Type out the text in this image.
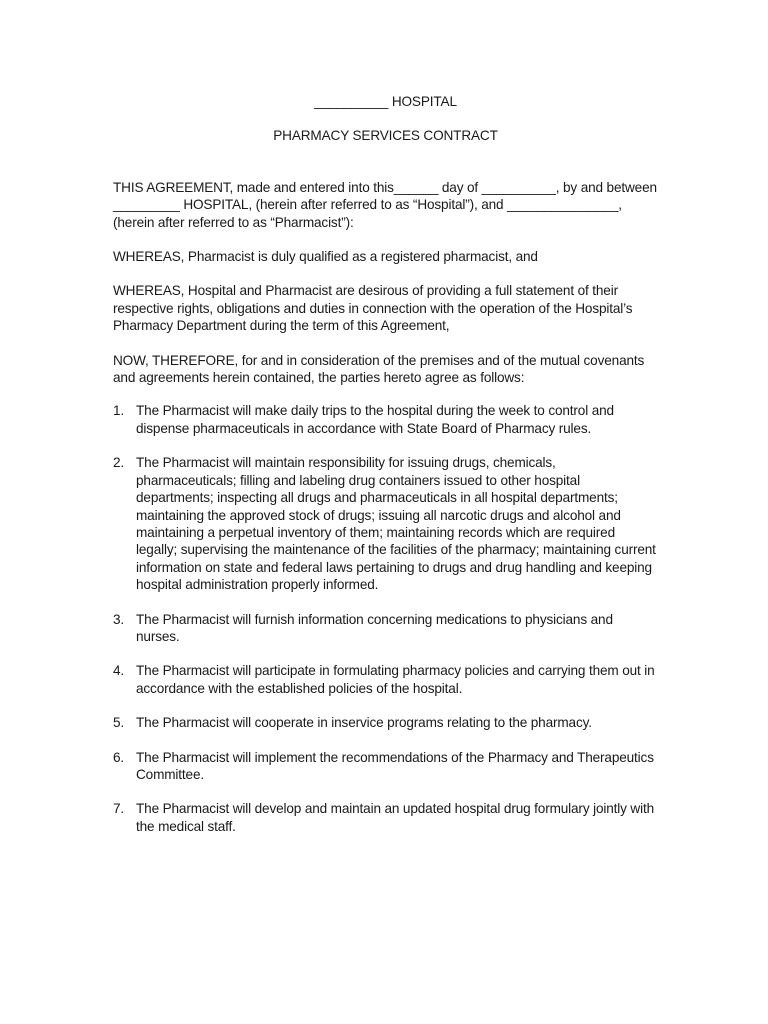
__________ HOSPITAL

PHARMACY SERVICES CONTRACT

THIS AGREEMENT, made and entered into this______ day of __________, by and between _________ HOSPITAL, (herein after referred to as “Hospital”), and _______________, (herein after referred to as “Pharmacist”):

WHEREAS, Pharmacist is duly qualified as a registered pharmacist, and

WHEREAS, Hospital and Pharmacist are desirous of providing a full statement of their respective rights, obligations and duties in connection with the operation of the Hospital’s Pharmacy Department during the term of this Agreement,

NOW, THEREFORE, for and in consideration of the premises and of the mutual covenants and agreements herein contained, the parties hereto agree as follows:

1. The Pharmacist will make daily trips to the hospital during the week to control and dispense pharmaceuticals in accordance with State Board of Pharmacy rules.
2. The Pharmacist will maintain responsibility for issuing drugs, chemicals, pharmaceuticals; filling and labeling drug containers issued to other hospital departments; inspecting all drugs and pharmaceuticals in all hospital departments; maintaining the approved stock of drugs; issuing all narcotic drugs and alcohol and maintaining a perpetual inventory of them; maintaining records which are required legally; supervising the maintenance of the facilities of the pharmacy; maintaining current information on state and federal laws pertaining to drugs and drug handling and keeping hospital administration properly informed.
3. The Pharmacist will furnish information concerning medications to physicians and nurses.
4. The Pharmacist will participate in formulating pharmacy policies and carrying them out in accordance with the established policies of the hospital.
5. The Pharmacist will cooperate in inservice programs relating to the pharmacy.
6. The Pharmacist will implement the recommendations of the Pharmacy and Therapeutics Committee.
7. The Pharmacist will develop and maintain an updated hospital drug formulary jointly with the medical staff.
